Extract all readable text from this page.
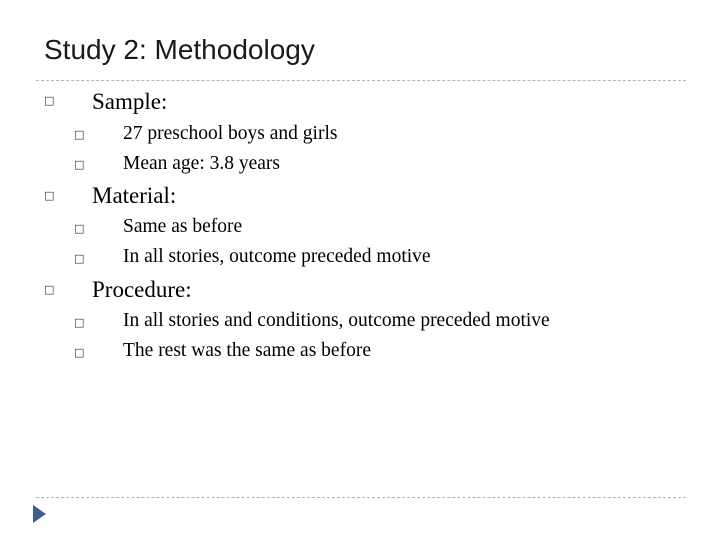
Study 2: Methodology
□ Sample:
□ 27 preschool boys and girls
□ Mean age: 3.8 years
□ Material:
□ Same as before
□ In all stories, outcome preceded motive
□ Procedure:
□ In all stories and conditions, outcome preceded motive
□ The rest was the same as before
